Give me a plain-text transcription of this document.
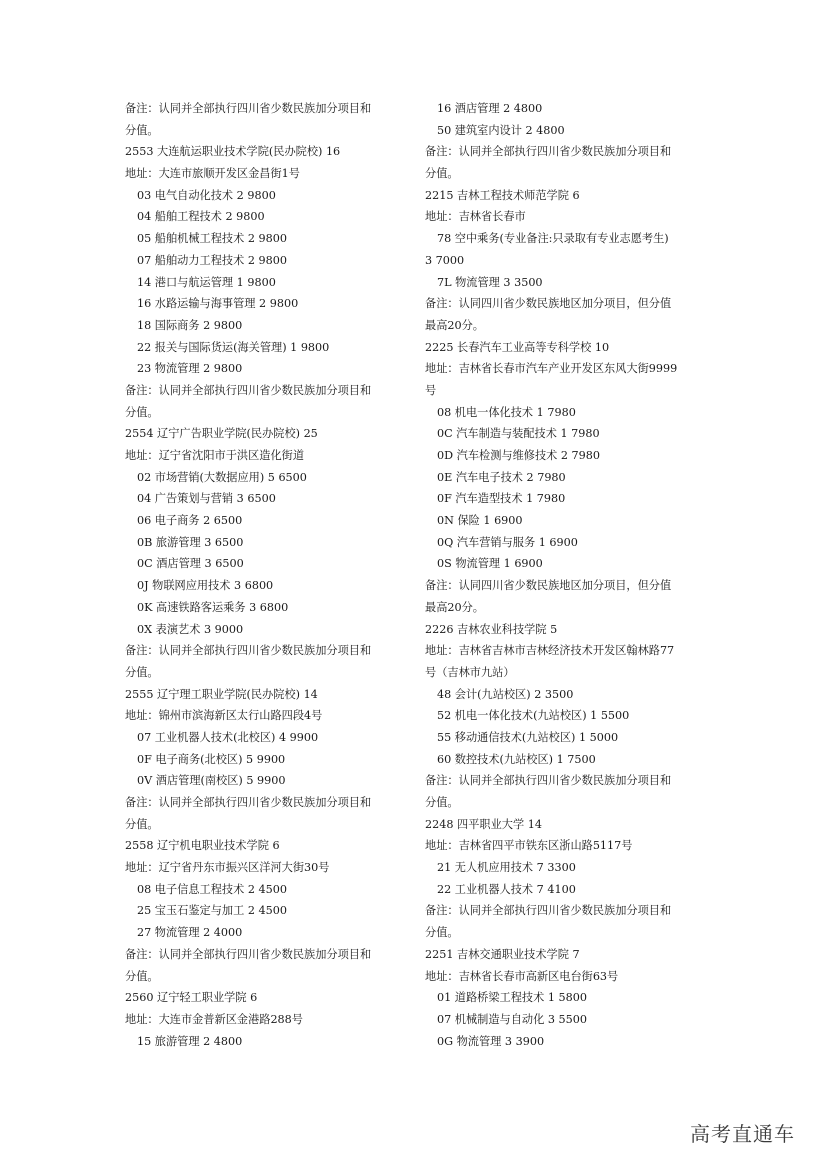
备注：认同并全部执行四川省少数民族加分项目和
分值。
2553 大连航运职业技术学院(民办院校) 16
地址：大连市旅顺开发区金昌街1号
03 电气自动化技术 2 9800
04 船舶工程技术 2 9800
05 船舶机械工程技术 2 9800
07 船舶动力工程技术 2 9800
14 港口与航运管理 1 9800
16 水路运输与海事管理 2 9800
18 国际商务 2 9800
22 报关与国际货运(海关管理) 1 9800
23 物流管理 2 9800
备注：认同并全部执行四川省少数民族加分项目和
分值。
2554 辽宁广告职业学院(民办院校) 25
地址：辽宁省沈阳市于洪区造化街道
02 市场营销(大数据应用) 5 6500
04 广告策划与营销 3 6500
06 电子商务 2 6500
0B 旅游管理 3 6500
0C 酒店管理 3 6500
0J 物联网应用技术 3 6800
0K 高速铁路客运乘务 3 6800
0X 表演艺术 3 9000
备注：认同并全部执行四川省少数民族加分项目和
分值。
2555 辽宁理工职业学院(民办院校) 14
地址：锦州市滨海新区太行山路四段4号
07 工业机器人技术(北校区) 4 9900
0F 电子商务(北校区) 5 9900
0V 酒店管理(南校区) 5 9900
备注：认同并全部执行四川省少数民族加分项目和
分值。
2558 辽宁机电职业技术学院 6
地址：辽宁省丹东市振兴区洋河大街30号
08 电子信息工程技术 2 4500
25 宝玉石鉴定与加工 2 4500
27 物流管理 2 4000
备注：认同并全部执行四川省少数民族加分项目和
分值。
2560 辽宁轻工职业学院 6
地址：大连市金普新区金港路288号
15 旅游管理 2 4800
16 酒店管理 2 4800
50 建筑室内设计 2 4800
备注：认同并全部执行四川省少数民族加分项目和
分值。
2215 吉林工程技术师范学院 6
地址：吉林省长春市
78 空中乘务(专业备注:只录取有专业志愿考生)
3 7000
7L 物流管理 3 3500
备注：认同四川省少数民族地区加分项目，但分值
最高20分。
2225 长春汽车工业高等专科学校 10
地址：吉林省长春市汽车产业开发区东风大街9999
号
08 机电一体化技术 1 7980
0C 汽车制造与装配技术 1 7980
0D 汽车检测与维修技术 2 7980
0E 汽车电子技术 2 7980
0F 汽车造型技术 1 7980
0N 保险 1 6900
0Q 汽车营销与服务 1 6900
0S 物流管理 1 6900
备注：认同四川省少数民族地区加分项目，但分值
最高20分。
2226 吉林农业科技学院 5
地址：吉林省吉林市吉林经济技术开发区翰林路77
号（吉林市九站）
48 会计(九站校区) 2 3500
52 机电一体化技术(九站校区) 1 5500
55 移动通信技术(九站校区) 1 5000
60 数控技术(九站校区) 1 7500
备注：认同并全部执行四川省少数民族加分项目和
分值。
2248 四平职业大学 14
地址：吉林省四平市铁东区浙山路5117号
21 无人机应用技术 7 3300
22 工业机器人技术 7 4100
备注：认同并全部执行四川省少数民族加分项目和
分值。
2251 吉林交通职业技术学院 7
地址：吉林省长春市高新区电台街63号
01 道路桥梁工程技术 1 5800
07 机械制造与自动化 3 5500
0G 物流管理 3 3900
高考直通车
